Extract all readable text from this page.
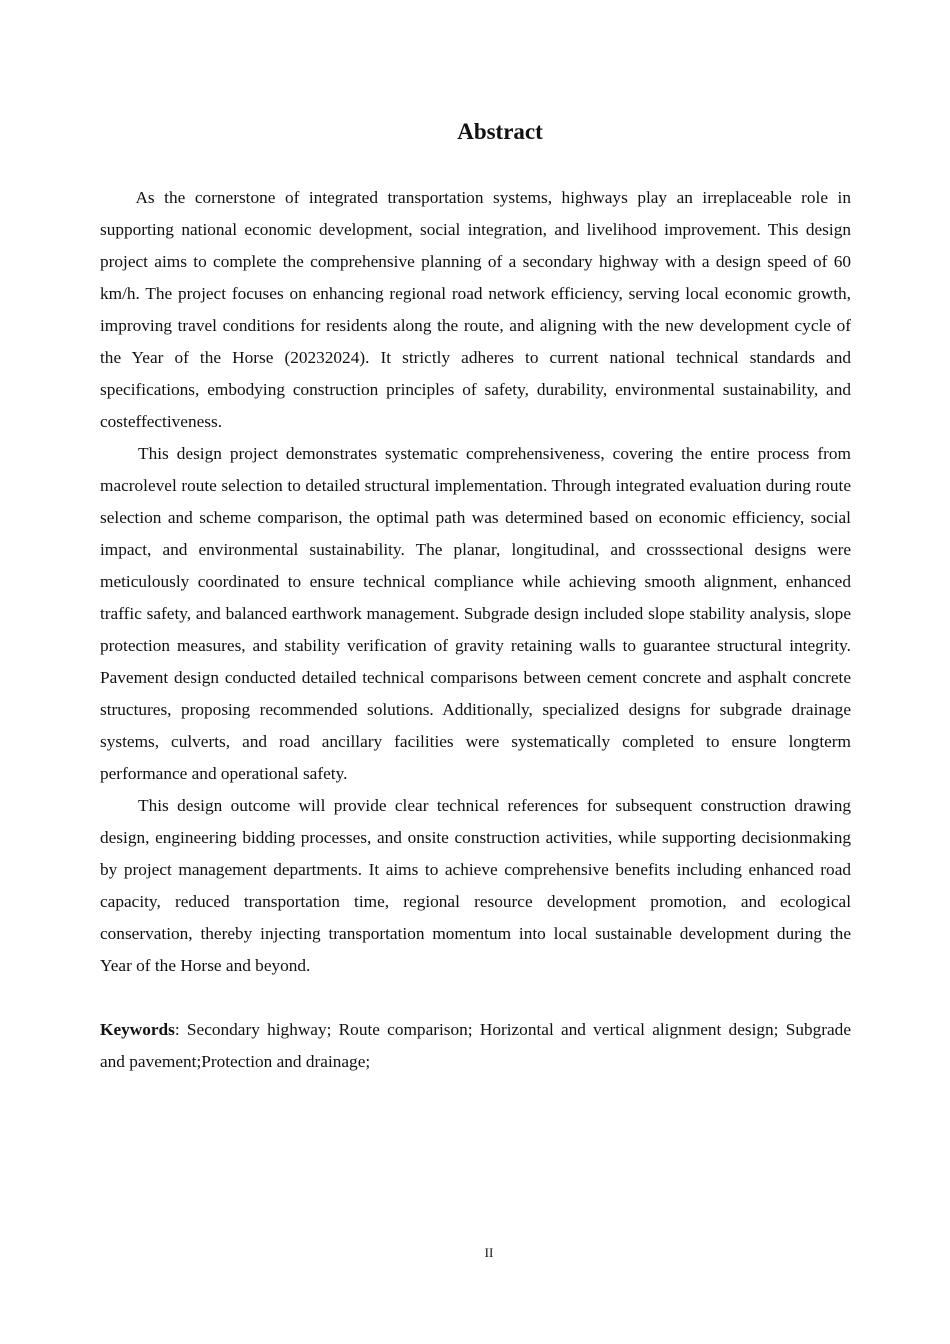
Abstract

As the cornerstone of integrated transportation systems, highways play an irreplaceable role in supporting national economic development, social integration, and livelihood improvement. This design project aims to complete the comprehensive planning of a secondary highway with a design speed of 60 km/h. The project focuses on enhancing regional road network efficiency, serving local economic growth, improving travel conditions for residents along the route, and aligning with the new development cycle of the Year of the Horse (20232024). It strictly adheres to current national technical standards and specifications, embodying construction principles of safety, durability, environmental sustainability, and costeffectiveness.

This design project demonstrates systematic comprehensiveness, covering the entire process from macrolevel route selection to detailed structural implementation. Through integrated evaluation during route selection and scheme comparison, the optimal path was determined based on economic efficiency, social impact, and environmental sustainability. The planar, longitudinal, and crosssectional designs were meticulously coordinated to ensure technical compliance while achieving smooth alignment, enhanced traffic safety, and balanced earthwork management. Subgrade design included slope stability analysis, slope protection measures, and stability verification of gravity retaining walls to guarantee structural integrity. Pavement design conducted detailed technical comparisons between cement concrete and asphalt concrete structures, proposing recommended solutions. Additionally, specialized designs for subgrade drainage systems, culverts, and road ancillary facilities were systematically completed to ensure longterm performance and operational safety.

This design outcome will provide clear technical references for subsequent construction drawing design, engineering bidding processes, and onsite construction activities, while supporting decisionmaking by project management departments. It aims to achieve comprehensive benefits including enhanced road capacity, reduced transportation time, regional resource development promotion, and ecological conservation, thereby injecting transportation momentum into local sustainable development during the Year of the Horse and beyond.

Keywords: Secondary highway; Route comparison; Horizontal and vertical alignment design; Subgrade and pavement;Protection and drainage;

II
